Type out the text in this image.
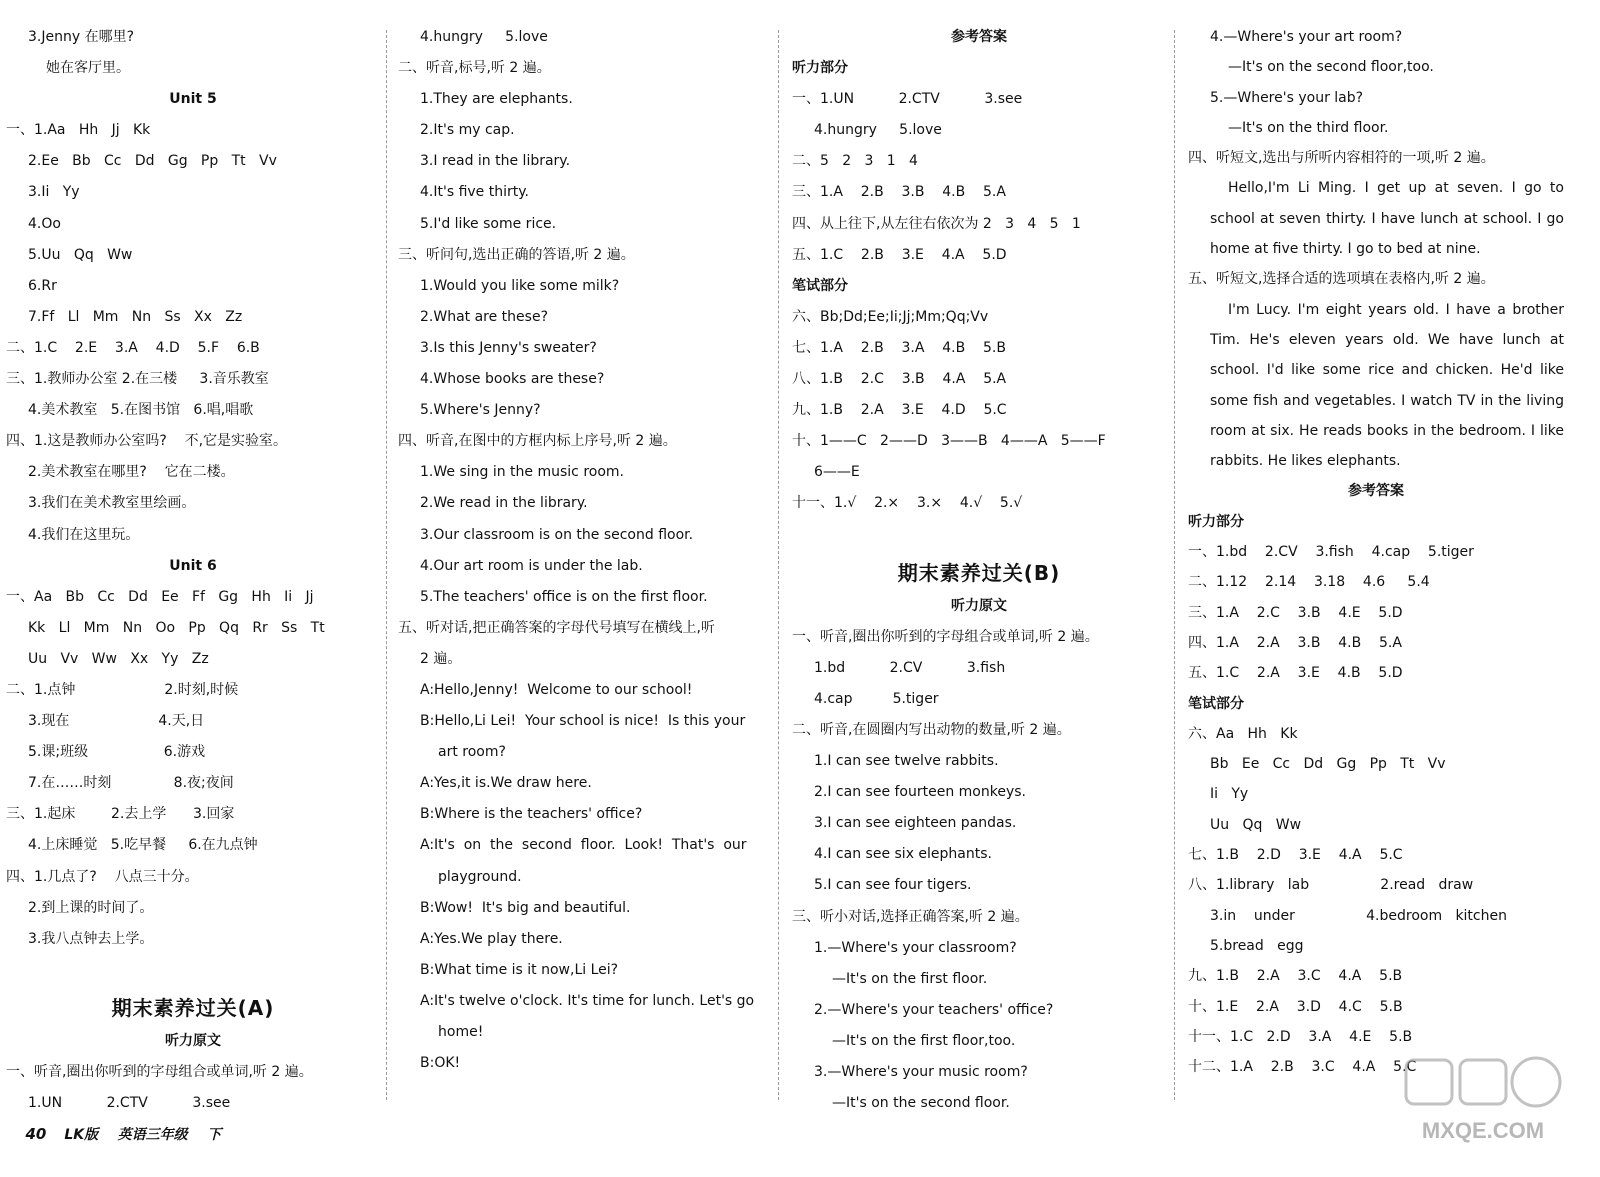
3.Jenny 在哪里?
她在客厅里。
Unit 5
一、1.Aa   Hh   Jj   Kk
2.Ee   Bb   Cc   Dd   Gg   Pp   Tt   Vv
3.Ii   Yy
4.Oo
5.Uu   Qq   Ww
6.Rr
7.Ff   Ll   Mm   Nn   Ss   Xx   Zz
二、1.C    2.E    3.A    4.D    5.F    6.B
三、1.教师办公室 2.在三楼     3.音乐教室
4.美术教室   5.在图书馆   6.唱,唱歌
四、1.这是教师办公室吗?    不,它是实验室。
2.美术教室在哪里?    它在二楼。
3.我们在美术教室里绘画。
4.我们在这里玩。
Unit 6
一、Aa   Bb   Cc   Dd   Ee   Ff   Gg   Hh   Ii   Jj
Kk   Ll   Mm   Nn   Oo   Pp   Qq   Rr   Ss   Tt
Uu   Vv   Ww   Xx   Yy   Zz
二、1.点钟                    2.时刻,时候
3.现在                    4.天,日
5.课;班级                 6.游戏
7.在……时刻              8.夜;夜间
三、1.起床        2.去上学      3.回家
4.上床睡觉   5.吃早餐     6.在九点钟
四、1.几点了?    八点三十分。
2.到上课的时间了。
3.我八点钟去上学。
期末素养过关(A)
听力原文
一、听音,圈出你听到的字母组合或单词,听 2 遍。
1.UN          2.CTV          3.see
4.hungry     5.love
二、听音,标号,听 2 遍。
1.They are elephants.
2.It's my cap.
3.I read in the library.
4.It's five thirty.
5.I'd like some rice.
三、听问句,选出正确的答语,听 2 遍。
1.Would you like some milk?
2.What are these?
3.Is this Jenny's sweater?
4.Whose books are these?
5.Where's Jenny?
四、听音,在图中的方框内标上序号,听 2 遍。
1.We sing in the music room.
2.We read in the library.
3.Our classroom is on the second floor.
4.Our art room is under the lab.
5.The teachers' office is on the first floor.
五、听对话,把正确答案的字母代号填写在横线上,听
2 遍。
A:Hello,Jenny!  Welcome to our school!
B:Hello,Li Lei!  Your school is nice!  Is this your
art room?
A:Yes,it is.We draw here.
B:Where is the teachers' office?
A:It's  on  the  second  floor.  Look!  That's  our
playground.
B:Wow!  It's big and beautiful.
A:Yes.We play there.
B:What time is it now,Li Lei?
A:It's twelve o'clock. It's time for lunch. Let's go
home!
B:OK!
参考答案
听力部分
一、1.UN          2.CTV          3.see
4.hungry     5.love
二、5   2   3   1   4
三、1.A    2.B    3.B    4.B    5.A
四、从上往下,从左往右依次为 2   3   4   5   1
五、1.C    2.B    3.E    4.A    5.D
笔试部分
六、Bb;Dd;Ee;Ii;Jj;Mm;Qq;Vv
七、1.A    2.B    3.A    4.B    5.B
八、1.B    2.C    3.B    4.A    5.A
九、1.B    2.A    3.E    4.D    5.C
十、1——C   2——D   3——B   4——A   5——F
6——E
十一、1.√    2.×    3.×    4.√    5.√
期末素养过关(B)
听力原文
一、听音,圈出你听到的字母组合或单词,听 2 遍。
1.bd          2.CV          3.fish
4.cap         5.tiger
二、听音,在圆圈内写出动物的数量,听 2 遍。
1.I can see twelve rabbits.
2.I can see fourteen monkeys.
3.I can see eighteen pandas.
4.I can see six elephants.
5.I can see four tigers.
三、听小对话,选择正确答案,听 2 遍。
1.—Where's your classroom?
—It's on the first floor.
2.—Where's your teachers' office?
—It's on the first floor,too.
3.—Where's your music room?
—It's on the second floor.
4.—Where's your art room?
—It's on the second floor,too.
5.—Where's your lab?
—It's on the third floor.
四、听短文,选出与所听内容相符的一项,听 2 遍。
Hello,I'm Li Ming. I get up at seven. I go to
school at seven thirty. I have lunch at school. I go
home at five thirty. I go to bed at nine.
五、听短文,选择合适的选项填在表格内,听 2 遍。
I'm Lucy. I'm eight years old. I have a brother
Tim. He's eleven years old. We have lunch at
school. I'd like some rice and chicken. He'd like
some fish and vegetables. I watch TV in the living
room at six. He reads books in the bedroom. I like
rabbits. He likes elephants.
参考答案
听力部分
一、1.bd    2.CV    3.fish    4.cap    5.tiger
二、1.12    2.14    3.18    4.6     5.4
三、1.A    2.C    3.B    4.E    5.D
四、1.A    2.A    3.B    4.B    5.A
五、1.C    2.A    3.E    4.B    5.D
笔试部分
六、Aa   Hh   Kk
Bb   Ee   Cc   Dd   Gg   Pp   Tt   Vv
Ii   Yy
Uu   Qq   Ww
七、1.B    2.D    3.E    4.A    5.C
八、1.library   lab                2.read   draw
3.in    under                4.bedroom   kitchen
5.bread   egg
九、1.B    2.A    3.C    4.A    5.B
十、1.E    2.A    3.D    4.C    5.B
十一、1.C   2.D    3.A    4.E    5.B
十二、1.A    2.B    3.C    4.A    5.C

40 LK版    英语三年级    下
	MXQE.COM
